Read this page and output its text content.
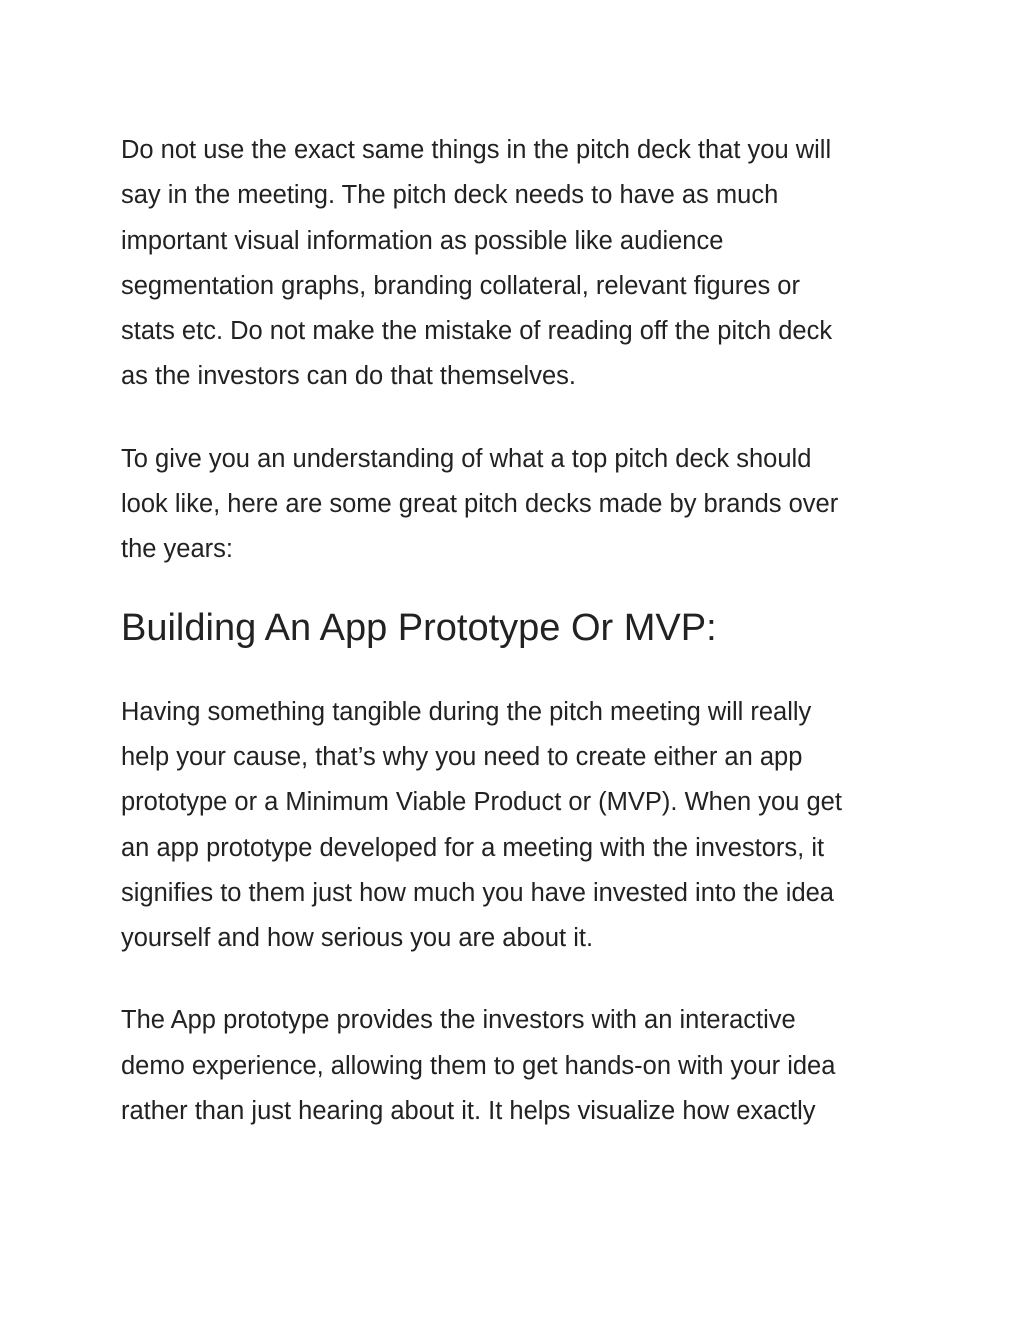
Do not use the exact same things in the pitch deck that you will
say in the meeting. The pitch deck needs to have as much
important visual information as possible like audience
segmentation graphs, branding collateral, relevant figures or
stats etc. Do not make the mistake of reading off the pitch deck
as the investors can do that themselves.

To give you an understanding of what a top pitch deck should
look like, here are some great pitch decks made by brands over
the years:

Building An App Prototype Or MVP:

Having something tangible during the pitch meeting will really
help your cause, that’s why you need to create either an app
prototype or a Minimum Viable Product or (MVP). When you get
an app prototype developed for a meeting with the investors, it
signifies to them just how much you have invested into the idea
yourself and how serious you are about it.

The App prototype provides the investors with an interactive
demo experience, allowing them to get hands-on with your idea
rather than just hearing about it. It helps visualize how exactly
